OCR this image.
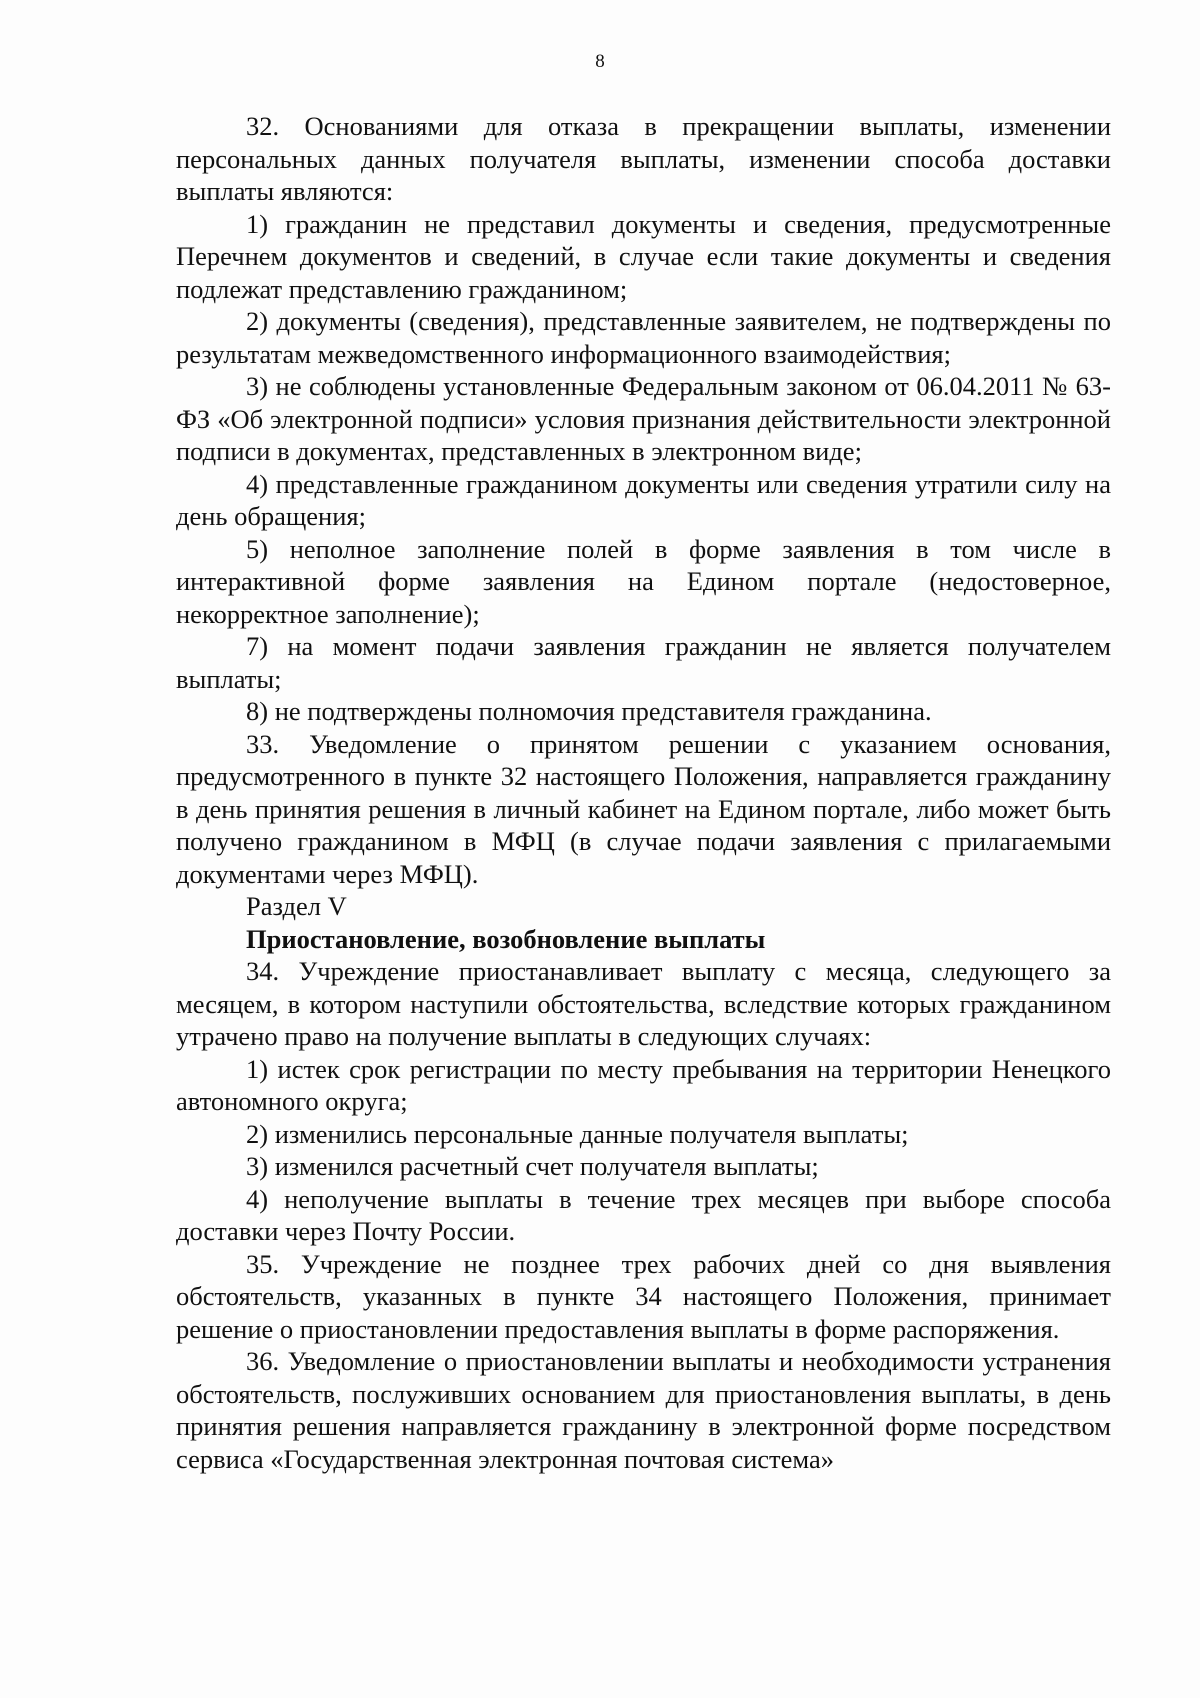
8

32. Основаниями для отказа в прекращении выплаты, изменении персональных данных получателя выплаты, изменении способа доставки выплаты являются:

1) гражданин не представил документы и сведения, предусмотренные Перечнем документов и сведений, в случае если такие документы и сведения подлежат представлению гражданином;

2) документы (сведения), представленные заявителем, не подтверждены по результатам межведомственного информационного взаимодействия;

3) не соблюдены установленные Федеральным законом от 06.04.2011 № 63-ФЗ «Об электронной подписи» условия признания действительности электронной подписи в документах, представленных в электронном виде;

4) представленные гражданином документы или сведения утратили силу на день обращения;

5) неполное заполнение полей в форме заявления в том числе в интерактивной форме заявления на Едином портале (недостоверное, некорректное заполнение);

7) на момент подачи заявления гражданин не является получателем выплаты;

8) не подтверждены полномочия представителя гражданина.

33. Уведомление о принятом решении с указанием основания, предусмотренного в пункте 32 настоящего Положения, направляется гражданину в день принятия решения в личный кабинет на Едином портале, либо может быть получено гражданином в МФЦ (в случае подачи заявления с прилагаемыми документами через МФЦ).

Раздел V

Приостановление, возобновление выплаты

34. Учреждение приостанавливает выплату с месяца, следующего за месяцем, в котором наступили обстоятельства, вследствие которых гражданином утрачено право на получение выплаты в следующих случаях:

1) истек срок регистрации по месту пребывания на территории Ненецкого автономного округа;

2) изменились персональные данные получателя выплаты;

3) изменился расчетный счет получателя выплаты;

4) неполучение выплаты в течение трех месяцев при выборе способа доставки через Почту России.

35. Учреждение не позднее трех рабочих дней со дня выявления обстоятельств, указанных в пункте 34 настоящего Положения, принимает решение о приостановлении предоставления выплаты в форме распоряжения.

36. Уведомление о приостановлении выплаты и необходимости устранения обстоятельств, послуживших основанием для приостановления выплаты, в день принятия решения направляется гражданину в электронной форме посредством сервиса «Государственная электронная почтовая система»
